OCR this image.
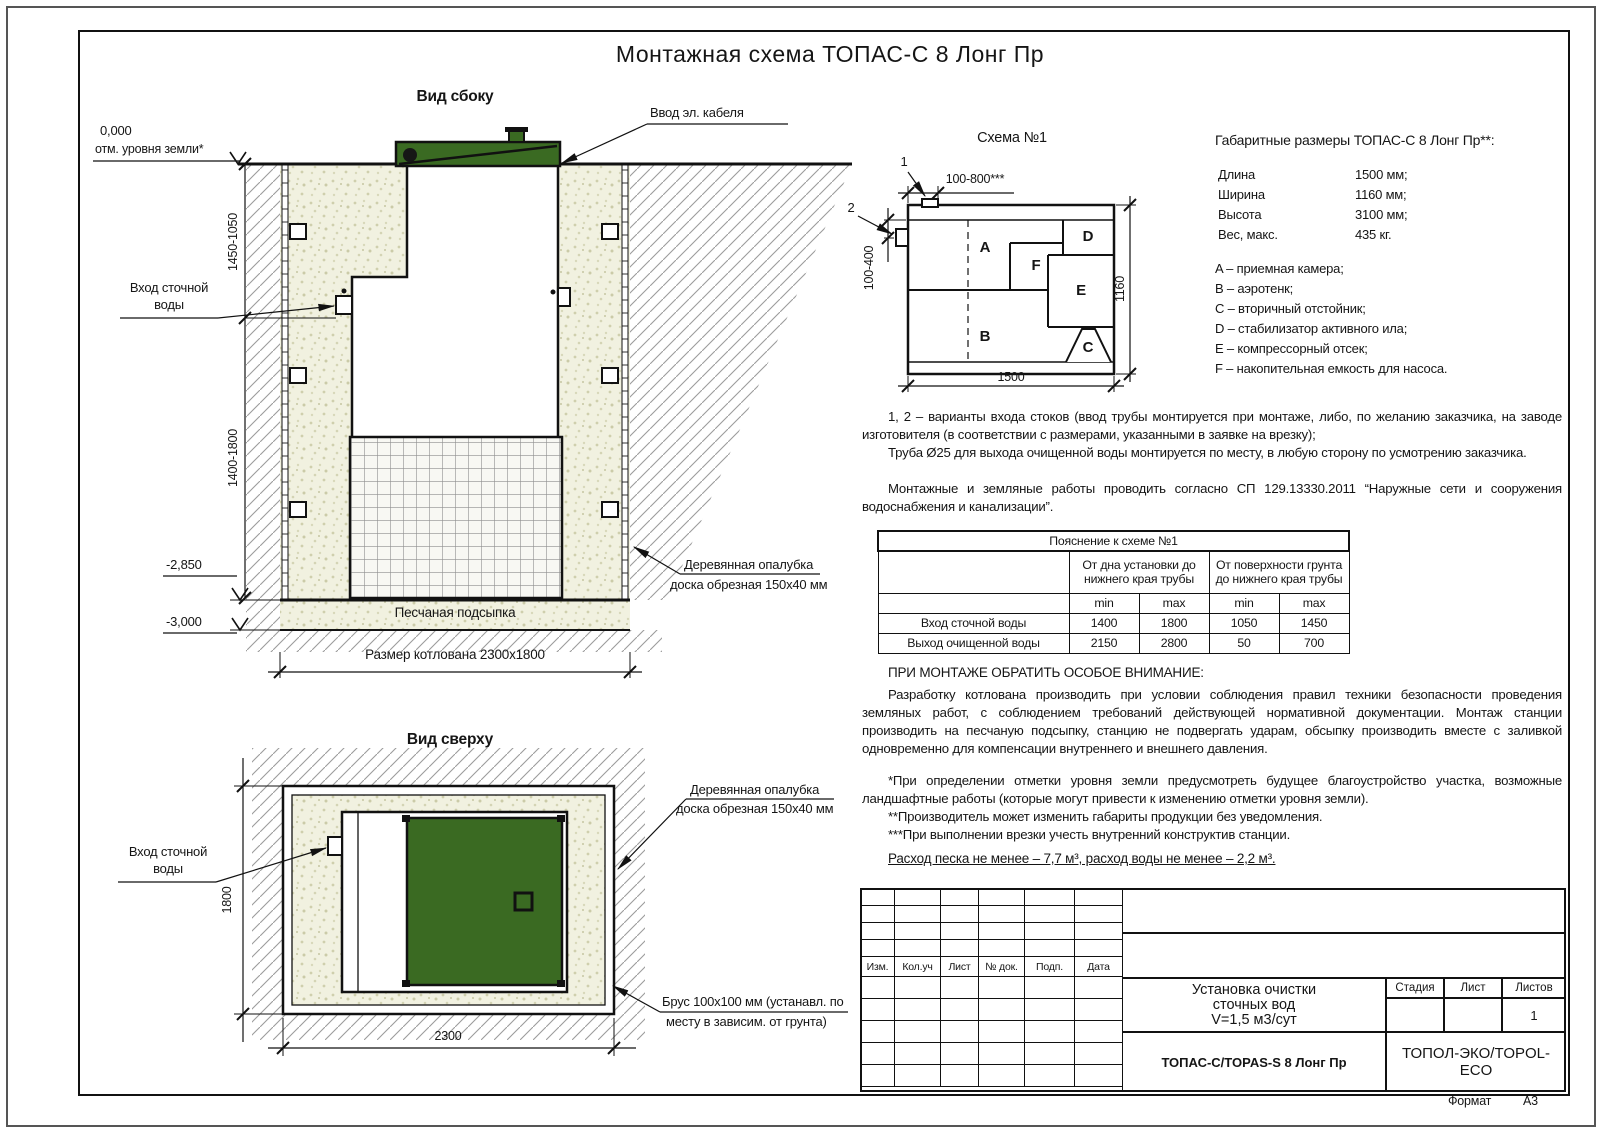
Монтажная схема ТОПАС-С 8 Лонг Пр
Вид сбоку
0,000
отм. уровня земли*
1450-1050
1400-1800
Вход сточной
воды
Ввод эл. кабеля
-2,850
-3,000
Песчаная подсыпка
Размер котлована 2300х1800
Деревянная опалубка
доска обрезная 150х40 мм
Вид сверху
Вход сточной
воды
Деревянная опалубка
доска обрезная 150х40 мм
Брус 100х100 мм (устанавл. по
месту в зависим. от грунта)
1800
2300
Схема №1
1
2
100-800***
100-400
1500
1160
A
B
C
D
E
F
Габаритные размеры ТОПАС-С 8 Лонг Пр**:
Длина	1500 мм;
Ширина	1160 мм;
Высота	3100 мм;
Вес, макс.	435 кг.
A – приемная камера;
B – аэротенк;
C – вторичный отстойник;
D – стабилизатор активного ила;
E – компрессорный отсек;
F – накопительная емкость для насоса.
1, 2 – варианты входа стоков (ввод трубы монтируется при монтаже, либо, по желанию заказчика, на заводе изготовителя (в соответствии с размерами, указанными в заявке на врезку);
Труба Ø25 для выхода очищенной воды монтируется по месту, в любую сторону по усмотрению заказчика.
Монтажные и земляные работы проводить согласно СП 129.13330.2011 “Наружные сети и сооружения водоснабжения и канализации”.
Пояснение к схеме №1				
	От дна установки до нижнего края трубы		От поверхности грунта до нижнего края трубы	
	min	max	min	max
Вход сточной воды	1400	1800	1050	1450
Выход очищенной воды	2150	2800	50	700
ПРИ МОНТАЖЕ ОБРАТИТЬ ОСОБОЕ ВНИМАНИЕ:
Разработку котлована производить при условии соблюдения правил техники безопасности проведения земляных работ, с соблюдением требований действующей нормативной документации. Монтаж станции производить на песчаную подсыпку, станцию не подвергать ударам, обсыпку производить вместе с заливкой одновременно для компенсации внутреннего и внешнего давления.
*При определении отметки уровня земли предусмотреть будущее благоустройство участка, возможные ландшафтные работы (которые могут привести к изменению отметки уровня земли).
**Производитель может изменить габариты продукции без уведомления.
***При выполнении врезки учесть внутренний конструктив станции.
Расход песка не менее – 7,7 м³, расход воды не менее – 2,2 м³.

Изм.	Кол.уч	Лист	№ док.	Подп.	Дата

Установка очистки
сточных вод
V=1,5 м3/сут
Стадия	Лист	Листов
1
ТОПАС-С/TOPAS-S 8 Лонг Пр	ТОПОЛ-ЭКО/TOPOL-ECO
Формат	А3
